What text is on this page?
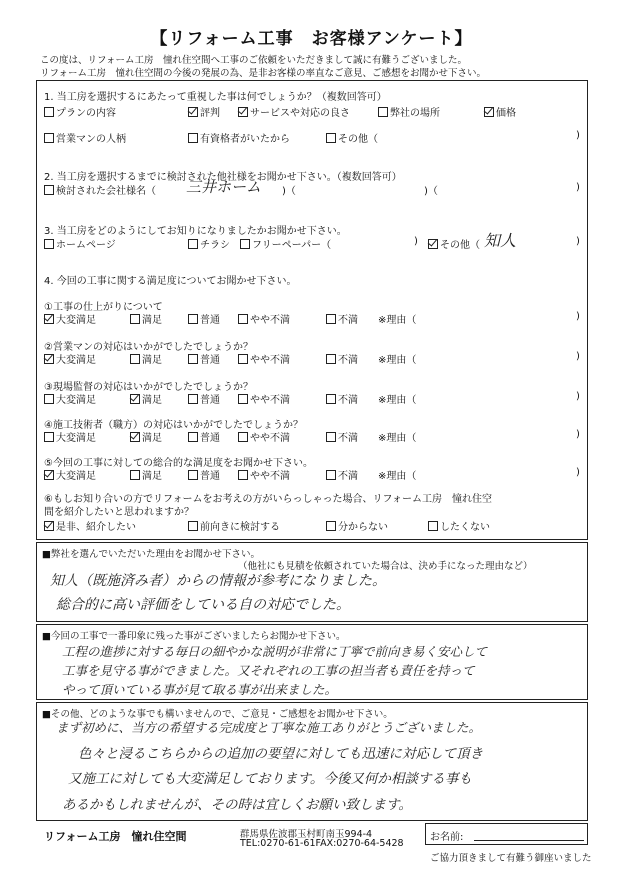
【リフォーム工事　お客様アンケート】
この度は、リフォーム工房　憧れ住空間へ工事のご依頼をいただきまして誠に有難うございました。
リフォーム工房　憧れ住空間の今後の発展の為、是非お客様の率直なご意見、ご感想をお聞かせ下さい。
1. 当工房を選択するにあたって重視した事は何でしょうか？（複数回答可）
プランの内容	評判	サービスや対応の良さ	弊社の場所	価格
営業マンの人柄	有資格者がいたから	その他（	)
2. 当工房を選択するまでに検討された他社様をお聞かせ下さい。（複数回答可）
検討された会社様名（ 三井ホーム )（	)（	)
3. 当工房をどのようにしてお知りになりましたかお聞かせ下さい。
ホームページ	チラシ	フリーペーパー（	)	その他（ 知人	)
4. 今回の工事に関する満足度についてお聞かせ下さい。
①工事の仕上がりについて
大変満足	満足	普通	やや不満	不満 ※理由（	)
②営業マンの対応はいかがでしたでしょうか？
大変満足	満足	普通	やや不満	不満 ※理由（	)
③現場監督の対応はいかがでしたでしょうか？
大変満足	満足	普通	やや不満	不満 ※理由（	)
④施工技術者（職方）の対応はいかがでしたでしょうか？
大変満足	満足	普通	やや不満	不満 ※理由（	)
⑤今回の工事に対しての総合的な満足度をお聞かせ下さい。
大変満足	満足	普通	やや不満	不満 ※理由（	)
⑥もしお知り合いの方でリフォームをお考えの方がいらっしゃった場合、リフォーム工房　憧れ住空
間を紹介したいと思われますか？
是非、紹介したい	前向きに検討する	分からない	したくない
■弊社を選んでいただいた理由をお聞かせ下さい。
（他社にも見積を依頼されていた場合は、決め手になった理由など）
知人（既施済み者）からの情報が参考になりました。
総合的に高い評価をしている自の対応でした。
■今回の工事で一番印象に残った事がございましたらお聞かせ下さい。
工程の進捗に対する毎日の細やかな説明が非常に丁寧で前向き易く安心して
工事を見守る事ができました。又それぞれの工事の担当者も責任を持って
やって頂いている事が見て取る事が出来ました。
■その他、どのような事でも構いませんので、ご意見・ご感想をお聞かせ下さい。
まず初めに、当方の希望する完成度と丁寧な施工ありがとうございました。
色々と浸るこちらからの追加の要望に対しても迅速に対応して頂き
又施工に対しても大変満足しております。今後又何か相談する事も
あるかもしれませんが、その時は宜しくお願い致します。
リフォーム工房　憧れ住空間	群馬県佐波郡玉村町南玉994-4
TEL:0270-61-61FAX:0270-64-5428
お名前:
ご協力頂きまして有難う御座いました
